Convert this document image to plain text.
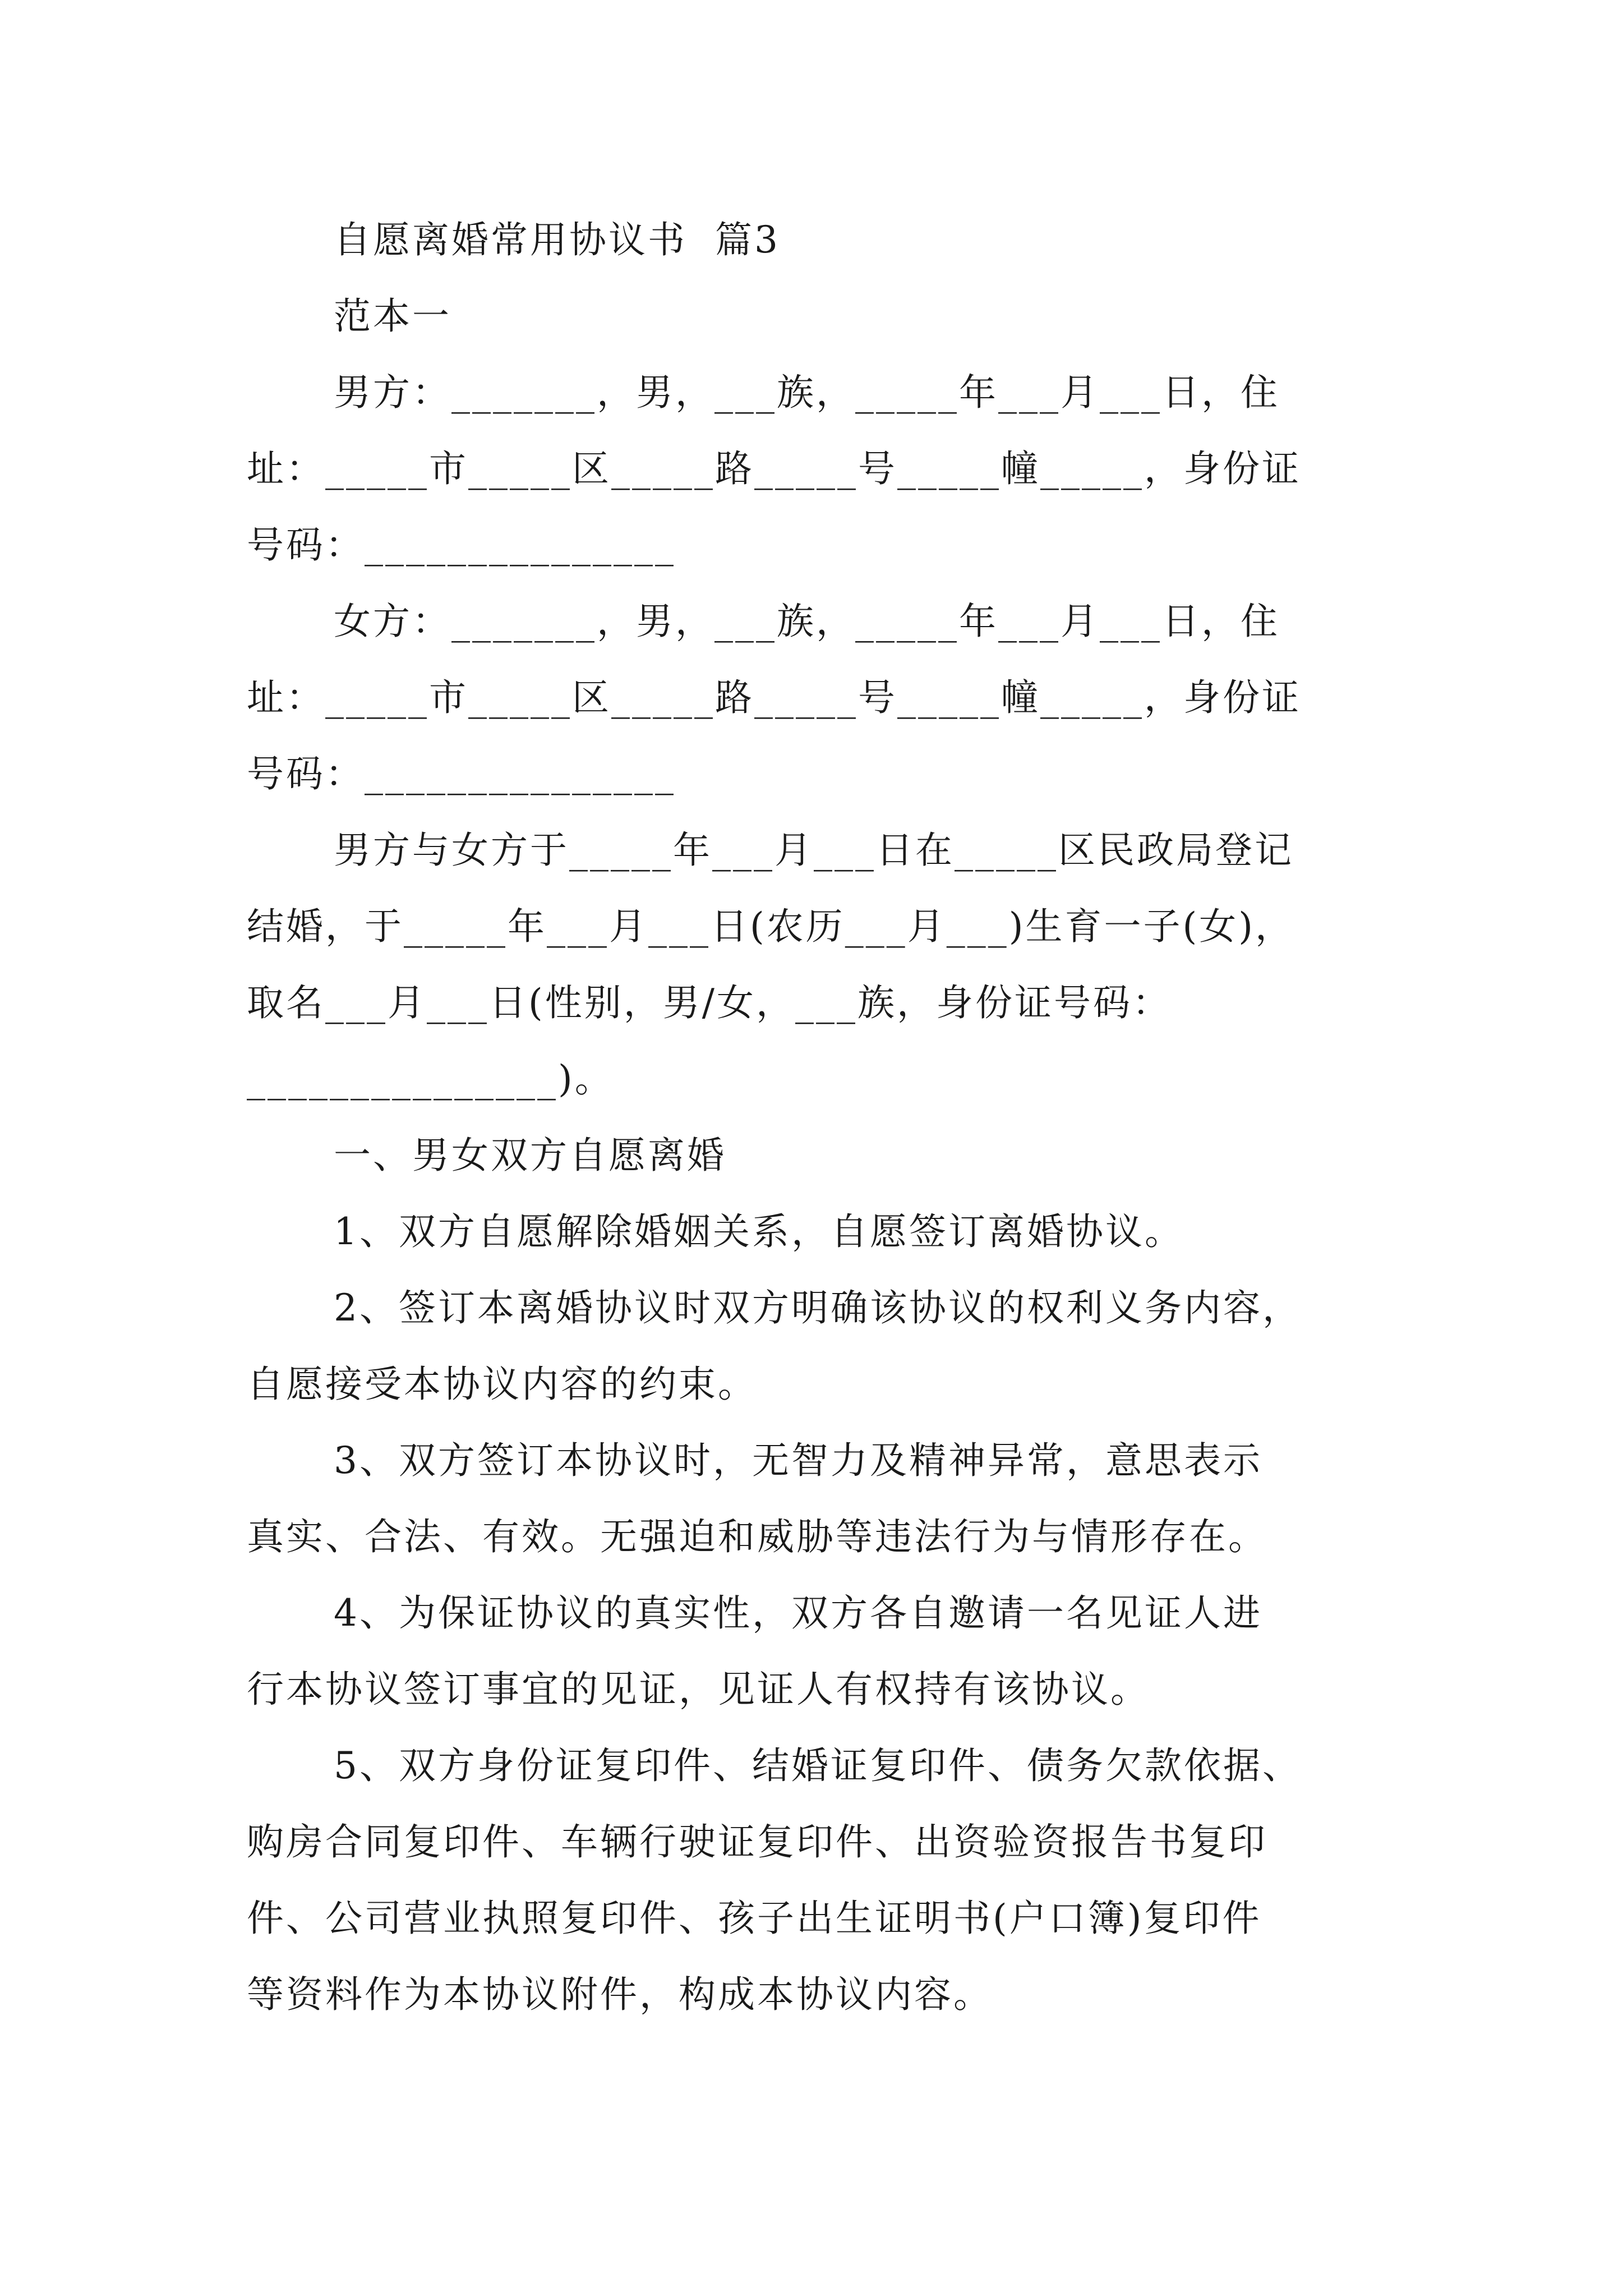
自愿离婚常用协议书  篇3
范本一
男方：_______，男，___族，_____年___月___日，住
址：_____市_____区_____路_____号_____幢_____，身份证
号码：_______________
女方：_______，男，___族，_____年___月___日，住
址：_____市_____区_____路_____号_____幢_____，身份证
号码：_______________
男方与女方于_____年___月___日在_____区民政局登记
结婚，于_____年___月___日(农历___月___)生育一子(女)，
取名___月___日(性别，男/女，___族，身份证号码：
_______________)。
一、男女双方自愿离婚
1、双方自愿解除婚姻关系，自愿签订离婚协议。
2、签订本离婚协议时双方明确该协议的权利义务内容，
自愿接受本协议内容的约束。
3、双方签订本协议时，无智力及精神异常，意思表示
真实、合法、有效。无强迫和威胁等违法行为与情形存在。
4、为保证协议的真实性，双方各自邀请一名见证人进
行本协议签订事宜的见证，见证人有权持有该协议。
5、双方身份证复印件、结婚证复印件、债务欠款依据、
购房合同复印件、车辆行驶证复印件、出资验资报告书复印
件、公司营业执照复印件、孩子出生证明书(户口簿)复印件
等资料作为本协议附件，构成本协议内容。
